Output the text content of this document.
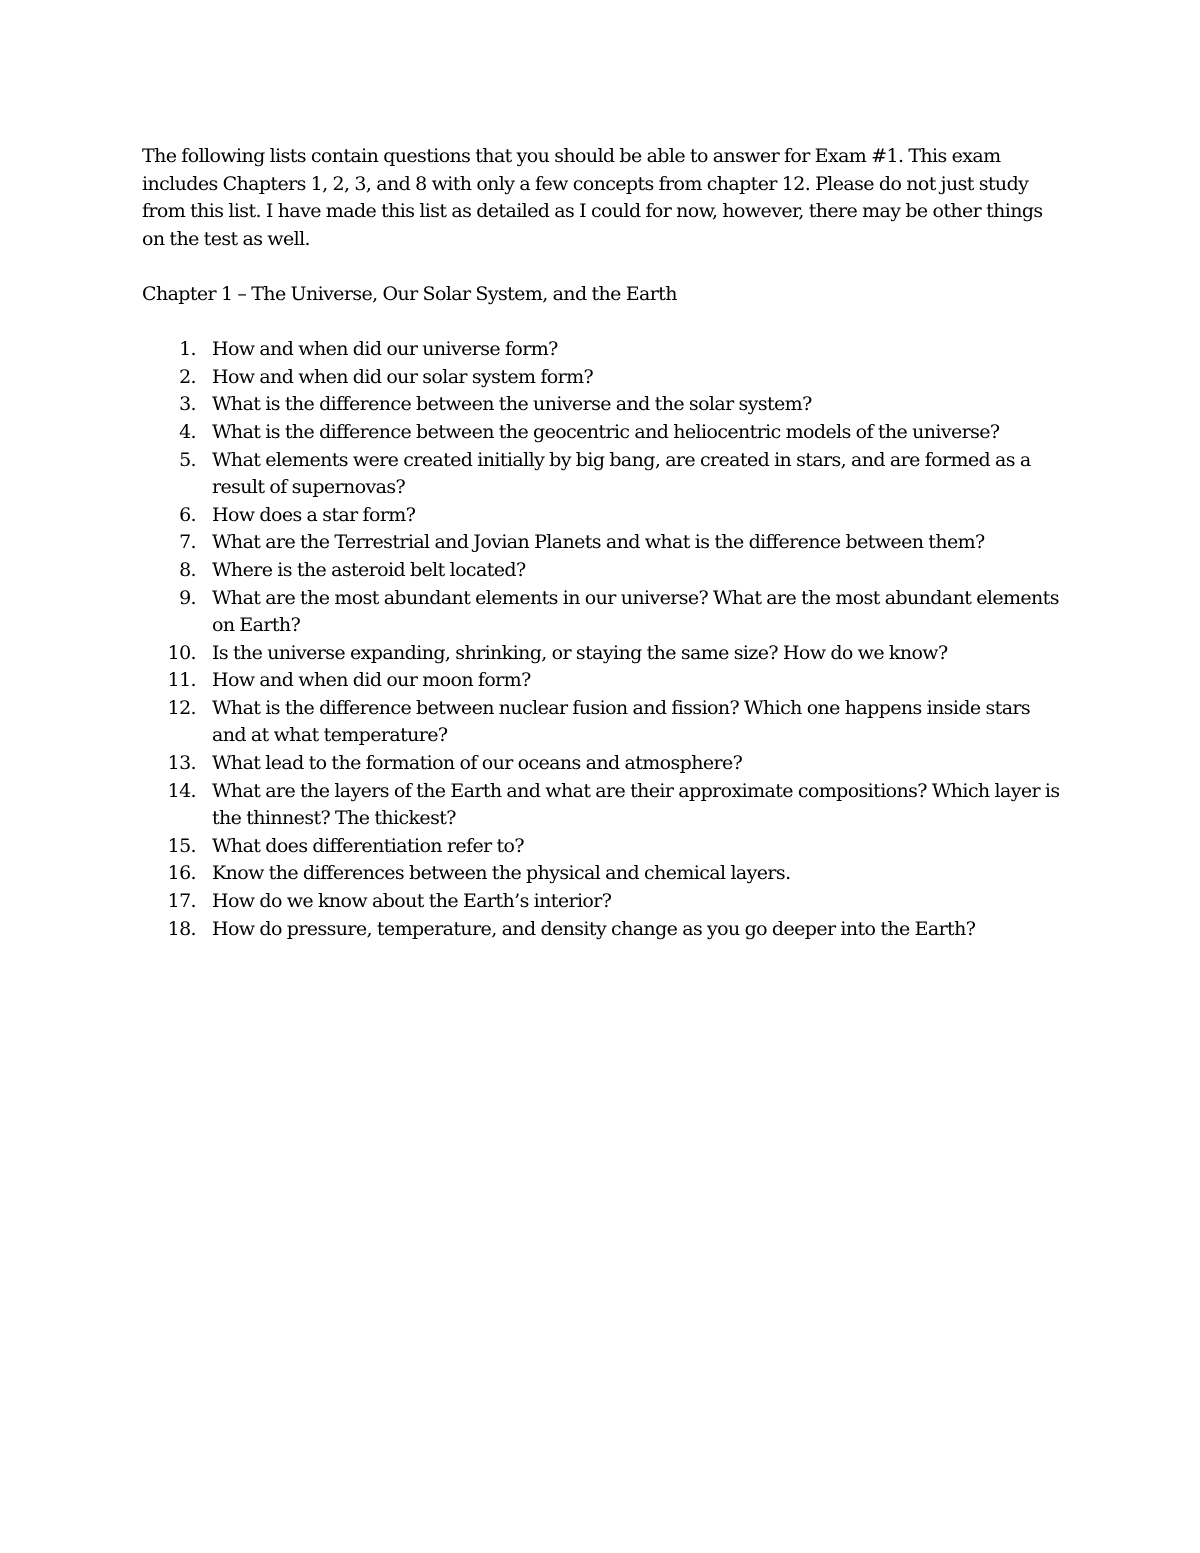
The following lists contain questions that you should be able to answer for Exam #1. This exam includes Chapters 1, 2, 3, and 8 with only a few concepts from chapter 12. Please do not just study from this list. I have made this list as detailed as I could for now, however, there may be other things on the test as well.

Chapter 1 – The Universe, Our Solar System, and the Earth

1. How and when did our universe form?
2. How and when did our solar system form?
3. What is the difference between the universe and the solar system?
4. What is the difference between the geocentric and heliocentric models of the universe?
5. What elements were created initially by big bang, are created in stars, and are formed as a result of supernovas?
6. How does a star form?
7. What are the Terrestrial and Jovian Planets and what is the difference between them?
8. Where is the asteroid belt located?
9. What are the most abundant elements in our universe? What are the most abundant elements on Earth?
10. Is the universe expanding, shrinking, or staying the same size? How do we know?
11. How and when did our moon form?
12. What is the difference between nuclear fusion and fission? Which one happens inside stars and at what temperature?
13. What lead to the formation of our oceans and atmosphere?
14. What are the layers of the Earth and what are their approximate compositions? Which layer is the thinnest? The thickest?
15. What does differentiation refer to?
16. Know the differences between the physical and chemical layers.
17. How do we know about the Earth’s interior?
18. How do pressure, temperature, and density change as you go deeper into the Earth?
